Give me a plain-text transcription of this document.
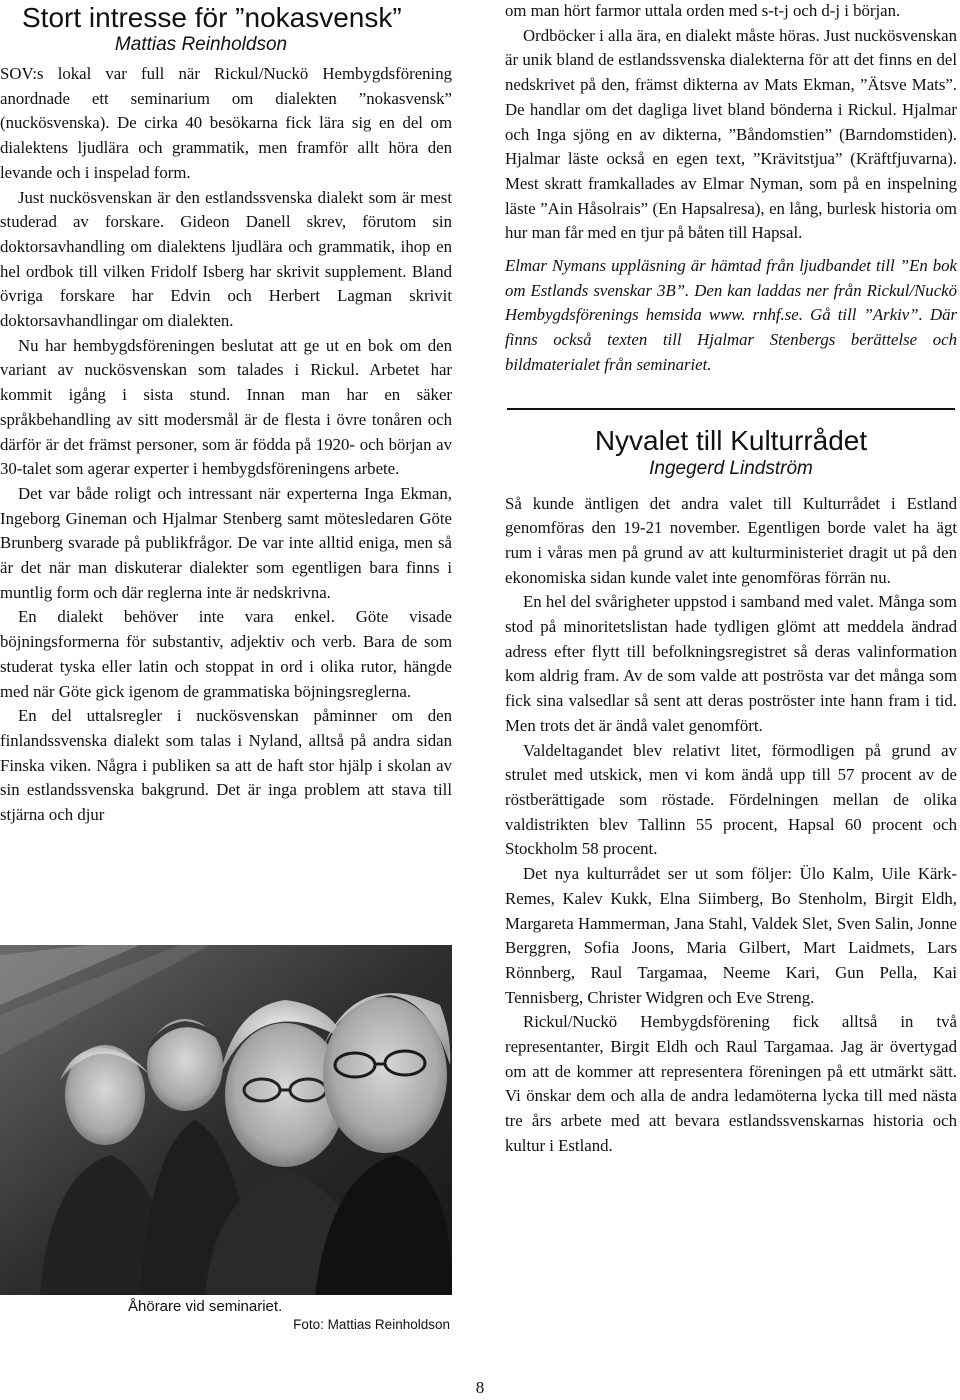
Stort intresse för ”nokasvensk”
Mattias Reinholdson

SOV:s lokal var full när Rickul/Nuckö Hembygdsförening anordnade ett seminarium om dialekten ”nokasvensk” (nuckösvenska). De cirka 40 besökarna fick lära sig en del om dialektens ljudlära och grammatik, men framför allt höra den levande och i inspelad form.

Just nuckösvenskan är den estlandssvenska dialekt som är mest studerad av forskare. Gideon Danell skrev, förutom sin doktorsavhandling om dialektens ljudlära och grammatik, ihop en hel ordbok till vilken Fridolf Isberg har skrivit supplement. Bland övriga forskare har Edvin och Herbert Lagman skrivit doktorsavhandlingar om dialekten.

Nu har hembygdsföreningen beslutat att ge ut en bok om den variant av nuckösvenskan som talades i Rickul. Arbetet har kommit igång i sista stund. Innan man har en säker språkbehandling av sitt modersmål är de flesta i övre tonåren och därför är det främst personer, som är födda på 1920- och början av 30-talet som agerar experter i hembygdsföreningens arbete.

Det var både roligt och intressant när experterna Inga Ekman, Ingeborg Gineman och Hjalmar Stenberg samt mötesledaren Göte Brunberg svarade på publikfrågor. De var inte alltid eniga, men så är det när man diskuterar dialekter som egentligen bara finns i muntlig form och där reglerna inte är nedskrivna.

En dialekt behöver inte vara enkel. Göte visade böjningsformerna för substantiv, adjektiv och verb. Bara de som studerat tyska eller latin och stoppat in ord i olika rutor, hängde med när Göte gick igenom de grammatiska böjningsreglerna.

En del uttalsregler i nuckösvenskan påminner om den finlandssvenska dialekt som talas i Nyland, alltså på andra sidan Finska viken. Några i publiken sa att de haft stor hjälp i skolan av sin estlandssvenska bakgrund. Det är inga problem att stava till stjärna och djur

Åhörare vid seminariet.
Foto: Mattias Reinholdson

om man hört farmor uttala orden med s-t-j och d-j i början.

Ordböcker i alla ära, en dialekt måste höras. Just nuckösvenskan är unik bland de estlandssvenska dialekterna för att det finns en del nedskrivet på den, främst dikterna av Mats Ekman, ”Ätsve Mats”. De handlar om det dagliga livet bland bönderna i Rickul. Hjalmar och Inga sjöng en av dikterna, ”Båndomstien” (Barndomstiden). Hjalmar läste också en egen text, ”Krävitstjua” (Kräftfjuvarna). Mest skratt framkallades av Elmar Nyman, som på en inspelning läste ”Ain Håsolrais” (En Hapsalresa), en lång, burlesk historia om hur man får med en tjur på båten till Hapsal.

Elmar Nymans uppläsning är hämtad från ljudbandet till ”En bok om Estlands svenskar 3B”. Den kan laddas ner från Rickul/Nuckö Hembygdsförenings hemsida www. rnhf.se. Gå till ”Arkiv”. Där finns också texten till Hjalmar Stenbergs berättelse och bildmaterialet från seminariet.

Nyvalet till Kulturrådet
Ingegerd Lindström

Så kunde äntligen det andra valet till Kulturrådet i Estland genomföras den 19-21 november. Egentligen borde valet ha ägt rum i våras men på grund av att kulturministeriet dragit ut på den ekonomiska sidan kunde valet inte genomföras förrän nu.

En hel del svårigheter uppstod i samband med valet. Många som stod på minoritetslistan hade tydligen glömt att meddela ändrad adress efter flytt till befolkningsregistret så deras valinformation kom aldrig fram. Av de som valde att poströsta var det många som fick sina valsedlar så sent att deras poströster inte hann fram i tid. Men trots det är ändå valet genomfört.

Valdeltagandet blev relativt litet, förmodligen på grund av strulet med utskick, men vi kom ändå upp till 57 procent av de röstberättigade som röstade. Fördelningen mellan de olika valdistrikten blev Tallinn 55 procent, Hapsal 60 procent och Stockholm 58 procent.

Det nya kulturrådet ser ut som följer: Ülo Kalm, Uile Kärk-Remes, Kalev Kukk, Elna Siimberg, Bo Stenholm, Birgit Eldh, Margareta Hammerman, Jana Stahl, Valdek Slet, Sven Salin, Jonne Berggren, Sofia Joons, Maria Gilbert, Mart Laidmets, Lars Rönnberg, Raul Targamaa, Neeme Kari, Gun Pella, Kai Tennisberg, Christer Widgren och Eve Streng.

Rickul/Nuckö Hembygdsförening fick alltså in två representanter, Birgit Eldh och Raul Targamaa. Jag är övertygad om att de kommer att representera föreningen på ett utmärkt sätt. Vi önskar dem och alla de andra ledamöterna lycka till med nästa tre års arbete med att bevara estlandssvenskarnas historia och kultur i Estland.

8
